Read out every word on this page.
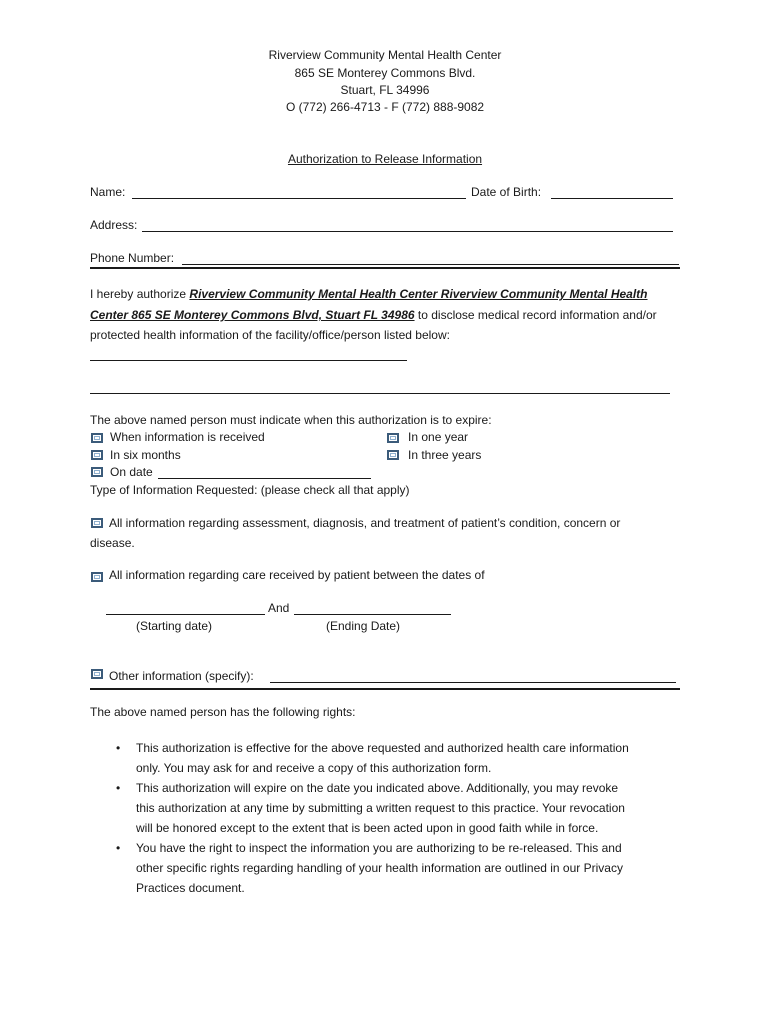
Riverview Community Mental Health Center
865 SE Monterey Commons Blvd.
Stuart, FL 34996
O (772) 266-4713 - F (772) 888-9082
Authorization to Release Information
Name:	Date of Birth:
Address:
Phone Number:
I hereby authorize Riverview Community Mental Health Center Riverview Community Mental Health
Center 865 SE Monterey Commons Blvd, Stuart FL 34986 to disclose medical record information and/or
protected health information of the facility/office/person listed below:
The above named person must indicate when this authorization is to expire:
When information is received	In one year
In six months	In three years
On date
Type of Information Requested: (please check all that apply)
All information regarding assessment, diagnosis, and treatment of patient’s condition, concern or
disease.
All information regarding care received by patient between the dates of
And
(Starting date)	(Ending Date)
Other information (specify):
The above named person has the following rights:
• This authorization is effective for the above requested and authorized health care information
only. You may ask for and receive a copy of this authorization form.
• This authorization will expire on the date you indicated above. Additionally, you may revoke
this authorization at any time by submitting a written request to this practice. Your revocation
will be honored except to the extent that is been acted upon in good faith while in force.
• You have the right to inspect the information you are authorizing to be re-released. This and
other specific rights regarding handling of your health information are outlined in our Privacy
Practices document.
